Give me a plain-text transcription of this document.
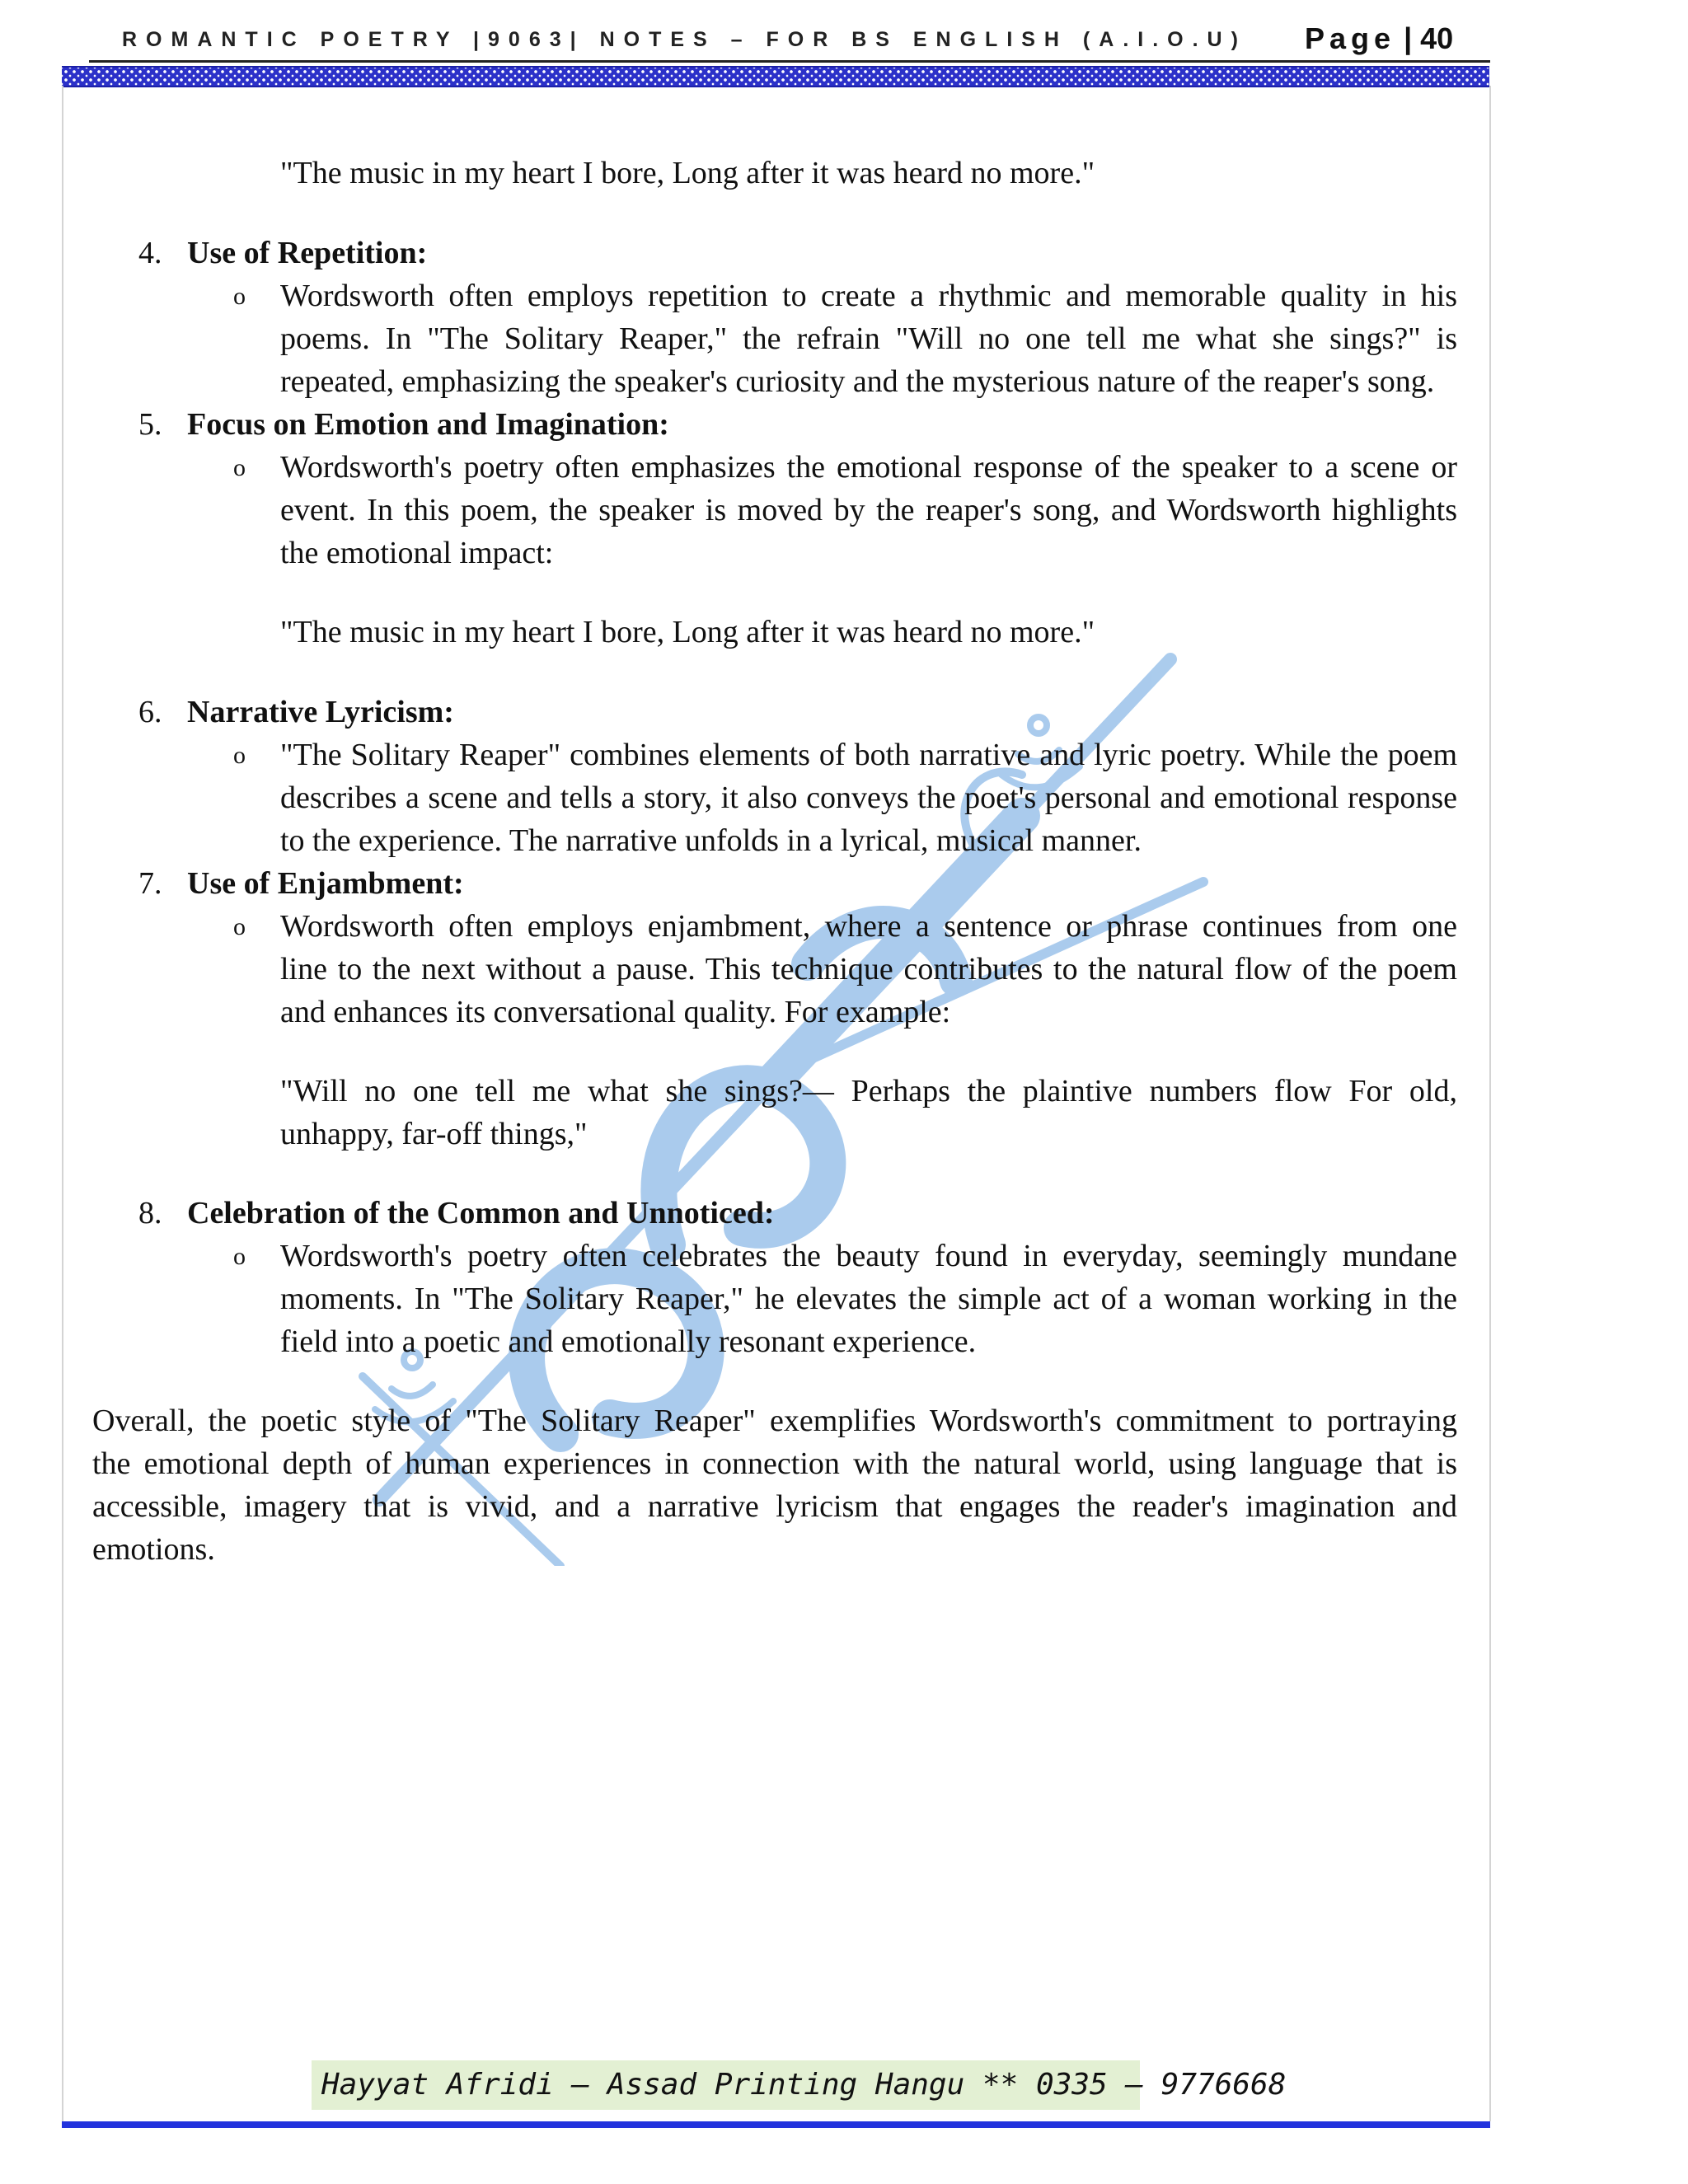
ROMANTIC POETRY |9063| NOTES – FOR BS ENGLISH (A.I.O.U) Page | 40
"The music in my heart I bore, Long after it was heard no more."
4. Use of Repetition:
o Wordsworth often employs repetition to create a rhythmic and memorable quality in his
poems. In "The Solitary Reaper," the refrain "Will no one tell me what she sings?" is
repeated, emphasizing the speaker's curiosity and the mysterious nature of the reaper's song.
5. Focus on Emotion and Imagination:
o Wordsworth's poetry often emphasizes the emotional response of the speaker to a scene or
event. In this poem, the speaker is moved by the reaper's song, and Wordsworth highlights
the emotional impact:
"The music in my heart I bore, Long after it was heard no more."
6. Narrative Lyricism:
o "The Solitary Reaper" combines elements of both narrative and lyric poetry. While the poem
describes a scene and tells a story, it also conveys the poet's personal and emotional response
to the experience. The narrative unfolds in a lyrical, musical manner.
7. Use of Enjambment:
o Wordsworth often employs enjambment, where a sentence or phrase continues from one
line to the next without a pause. This technique contributes to the natural flow of the poem
and enhances its conversational quality. For example:
"Will no one tell me what she sings?— Perhaps the plaintive numbers flow For old,
unhappy, far-off things,"
8. Celebration of the Common and Unnoticed:
o Wordsworth's poetry often celebrates the beauty found in everyday, seemingly mundane
moments. In "The Solitary Reaper," he elevates the simple act of a woman working in the
field into a poetic and emotionally resonant experience.
Overall, the poetic style of "The Solitary Reaper" exemplifies Wordsworth's commitment to portraying
the emotional depth of human experiences in connection with the natural world, using language that is
accessible, imagery that is vivid, and a narrative lyricism that engages the reader's imagination and
emotions.
Hayyat Afridi – Assad Printing Hangu ** 0335 – 9776668
